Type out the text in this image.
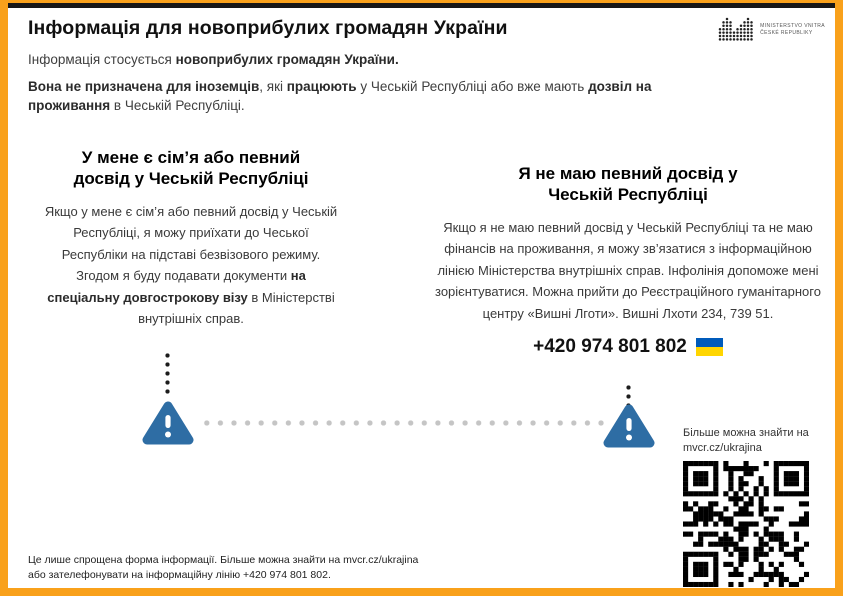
Інформація для новоприбулих громадян України
Інформація стосується новоприбулих громадян України.
Вона не призначена для іноземців, які працюють у Чеській Республіці або вже мають дозвіл на проживання в Чеській Республіці.
MINISTERSTVO VNITRA
ČESKÉ REPUBLIKY
У мене є сім’я або певний досвід у Чеській Республіці
Якщо у мене є сім’я або певний досвід у Чеській Республіці, я можу приїхати до Чеської Республіки на підставі безвізового режиму. Згодом я буду подавати документи на спеціальну довгострокову візу в Міністерстві внутрішніх справ.
Я не маю певний досвід у Чеській Республіці
Якщо я не маю певний досвід у Чеській Республіці та не маю фінансів на проживання, я можу зв’язатися з інформаційною лінією Міністерства внутрішніх справ. Інфолінія допоможе мені зорієнтуватися. Можна прийти до Реєстраційного гуманітарного центру «Вишні Лготи». Вишні Лхоти 234, 739 51.
+420 974 801 802
Більше можна знайти на
mvcr.cz/ukrajina
Це лише спрощена форма інформації. Більше можна знайти на mvcr.cz/ukrajina
або зателефонувати на інформаційну лінію +420 974 801 802.
